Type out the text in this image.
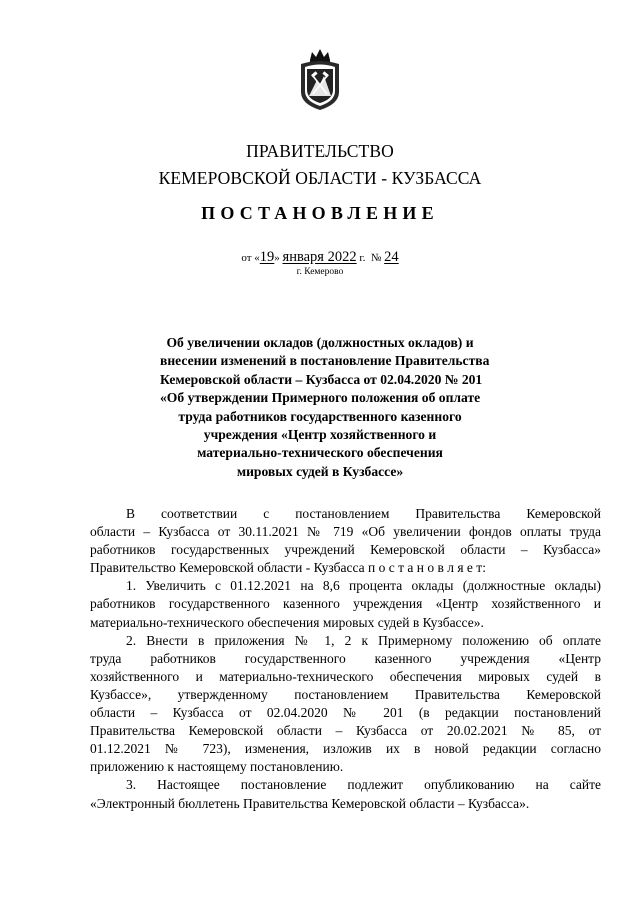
ПРАВИТЕЛЬСТВО
КЕМЕРОВСКОЙ ОБЛАСТИ - КУЗБАССА
ПОСТАНОВЛЕНИЕ
от «19» января 2022 г. № 24
г. Кемерово
Об увеличении окладов (должностных окладов) и
внесении изменений в постановление Правительства
Кемеровской области – Кузбасса от 02.04.2020 № 201
«Об утверждении Примерного положения об оплате
труда работников государственного казенного
учреждения «Центр хозяйственного и
материально-технического обеспечения
мировых судей в Кузбассе»
В соответствии с постановлением Правительства Кемеровской
области – Кузбасса от 30.11.2021 № 719 «Об увеличении фондов оплаты труда
работников государственных учреждений Кемеровской области – Кузбасса»
Правительство Кемеровской области - Кузбасса п о с т а н о в л я е т:
1. Увеличить с 01.12.2021 на 8,6 процента оклады (должностные оклады)
работников государственного казенного учреждения «Центр хозяйственного и
материально-технического обеспечения мировых судей в Кузбассе».
2. Внести в приложения № 1, 2 к Примерному положению об оплате
труда работников государственного казенного учреждения «Центр
хозяйственного и материально-технического обеспечения мировых судей в
Кузбассе», утвержденному постановлением Правительства Кемеровской
области – Кузбасса от 02.04.2020 № 201 (в редакции постановлений
Правительства Кемеровской области – Кузбасса от 20.02.2021 № 85, от
01.12.2021 № 723), изменения, изложив их в новой редакции согласно
приложению к настоящему постановлению.
3. Настоящее постановление подлежит опубликованию на сайте
«Электронный бюллетень Правительства Кемеровской области – Кузбасса».
